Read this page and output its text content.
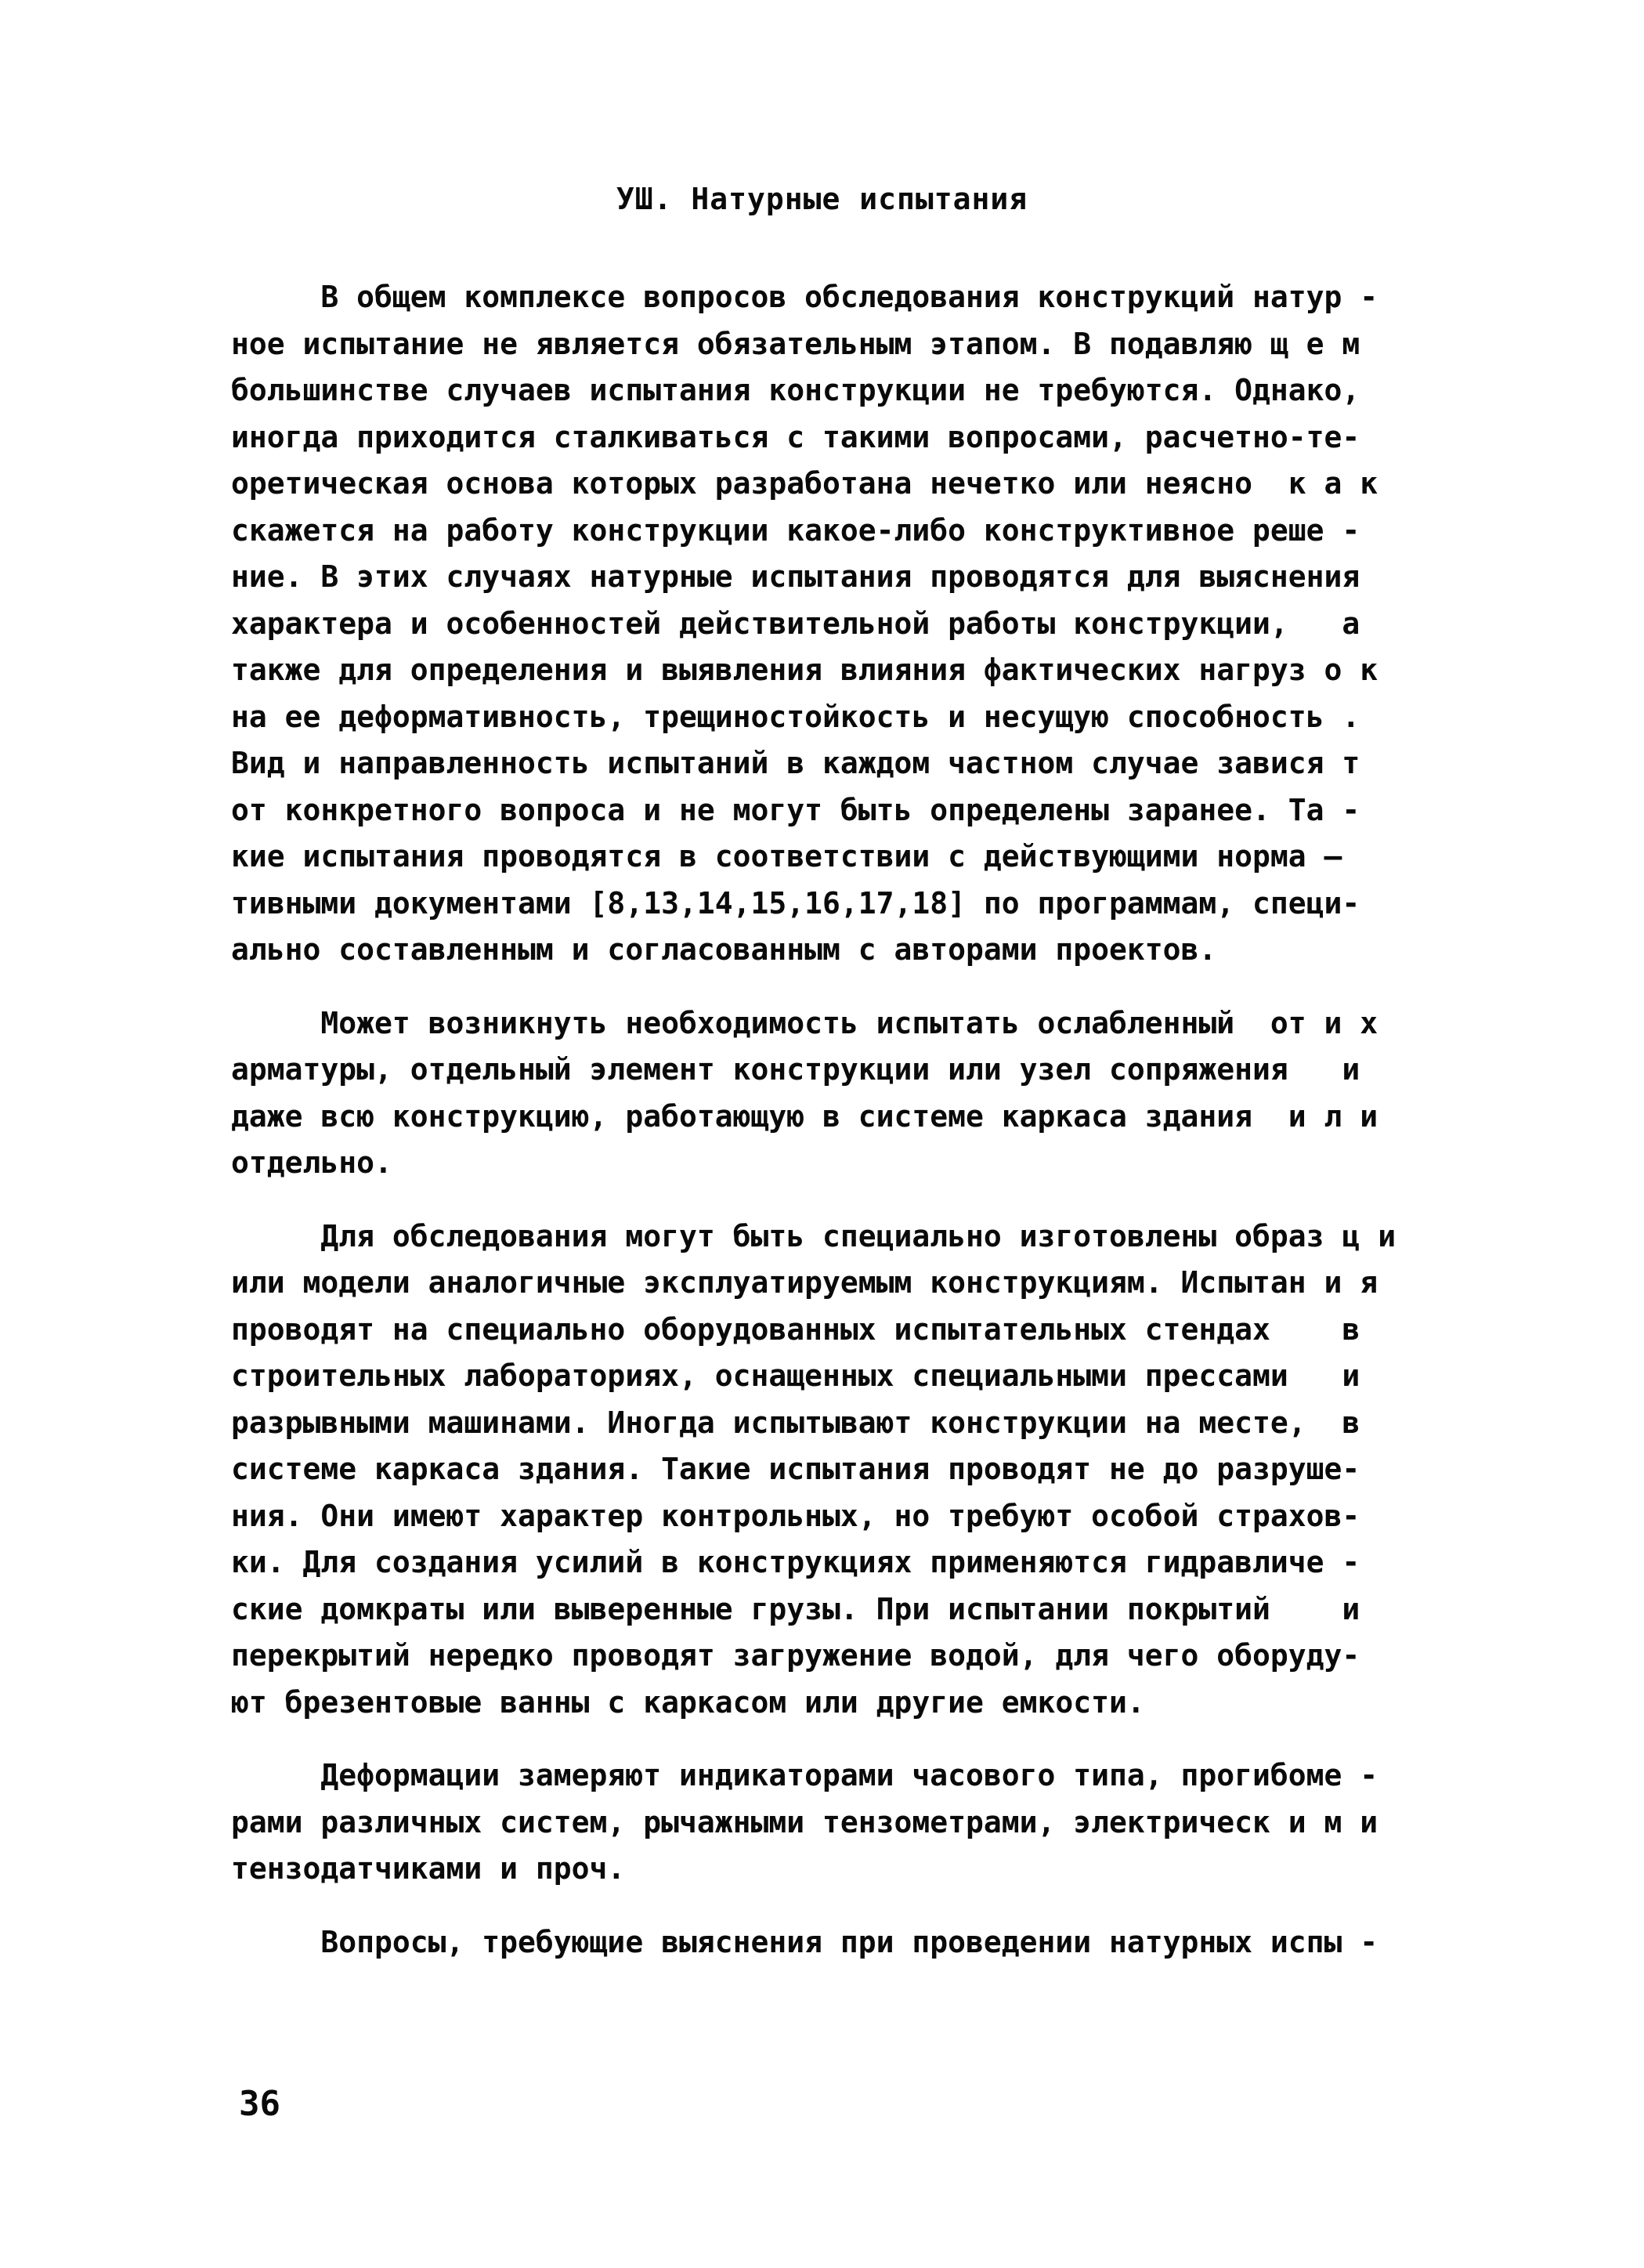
УШ. Натурные испытания
В общем комплексе вопросов обследования конструкций натур -
ное испытание не является обязательным этапом. В подавляю щ е м
большинстве случаев испытания конструкции не требуются. Однако,
иногда приходится сталкиваться с такими вопросами, расчетно-те-
оретическая основа которых разработана нечетко или неясно  к а к
скажется на работу конструкции какое-либо конструктивное реше -
ние. В этих случаях натурные испытания проводятся для выяснения
характера и особенностей действительной работы конструкции,   а
также для определения и выявления влияния фактических нагруз о к
на ее деформативность, трещиностойкость и несущую способность .
Вид и направленность испытаний в каждом частном случае завися т
от конкретного вопроса и не могут быть определены заранее. Та -
кие испытания проводятся в соответствии с действующими норма —
тивными документами [8,13,14,15,16,17,18] по программам, специ-
ально составленным и согласованным с авторами проектов.
Может возникнуть необходимость испытать ослабленный  от и х
арматуры, отдельный элемент конструкции или узел сопряжения   и
даже всю конструкцию, работающую в системе каркаса здания  и л и
отдельно.
Для обследования могут быть специально изготовлены образ ц и
или модели аналогичные эксплуатируемым конструкциям. Испытан и я
проводят на специально оборудованных испытательных стендах    в
строительных лабораториях, оснащенных специальными прессами   и
разрывными машинами. Иногда испытывают конструкции на месте,  в
системе каркаса здания. Такие испытания проводят не до разруше-
ния. Они имеют характер контрольных, но требуют особой страхов-
ки. Для создания усилий в конструкциях применяются гидравличе -
ские домкраты или выверенные грузы. При испытании покрытий    и
перекрытий нередко проводят загружение водой, для чего оборуду-
ют брезентовые ванны с каркасом или другие емкости.
Деформации замеряют индикаторами часового типа, прогибоме -
рами различных систем, рычажными тензометрами, электрическ и м и
тензодатчиками и проч.
Вопросы, требующие выяснения при проведении натурных испы -
36
